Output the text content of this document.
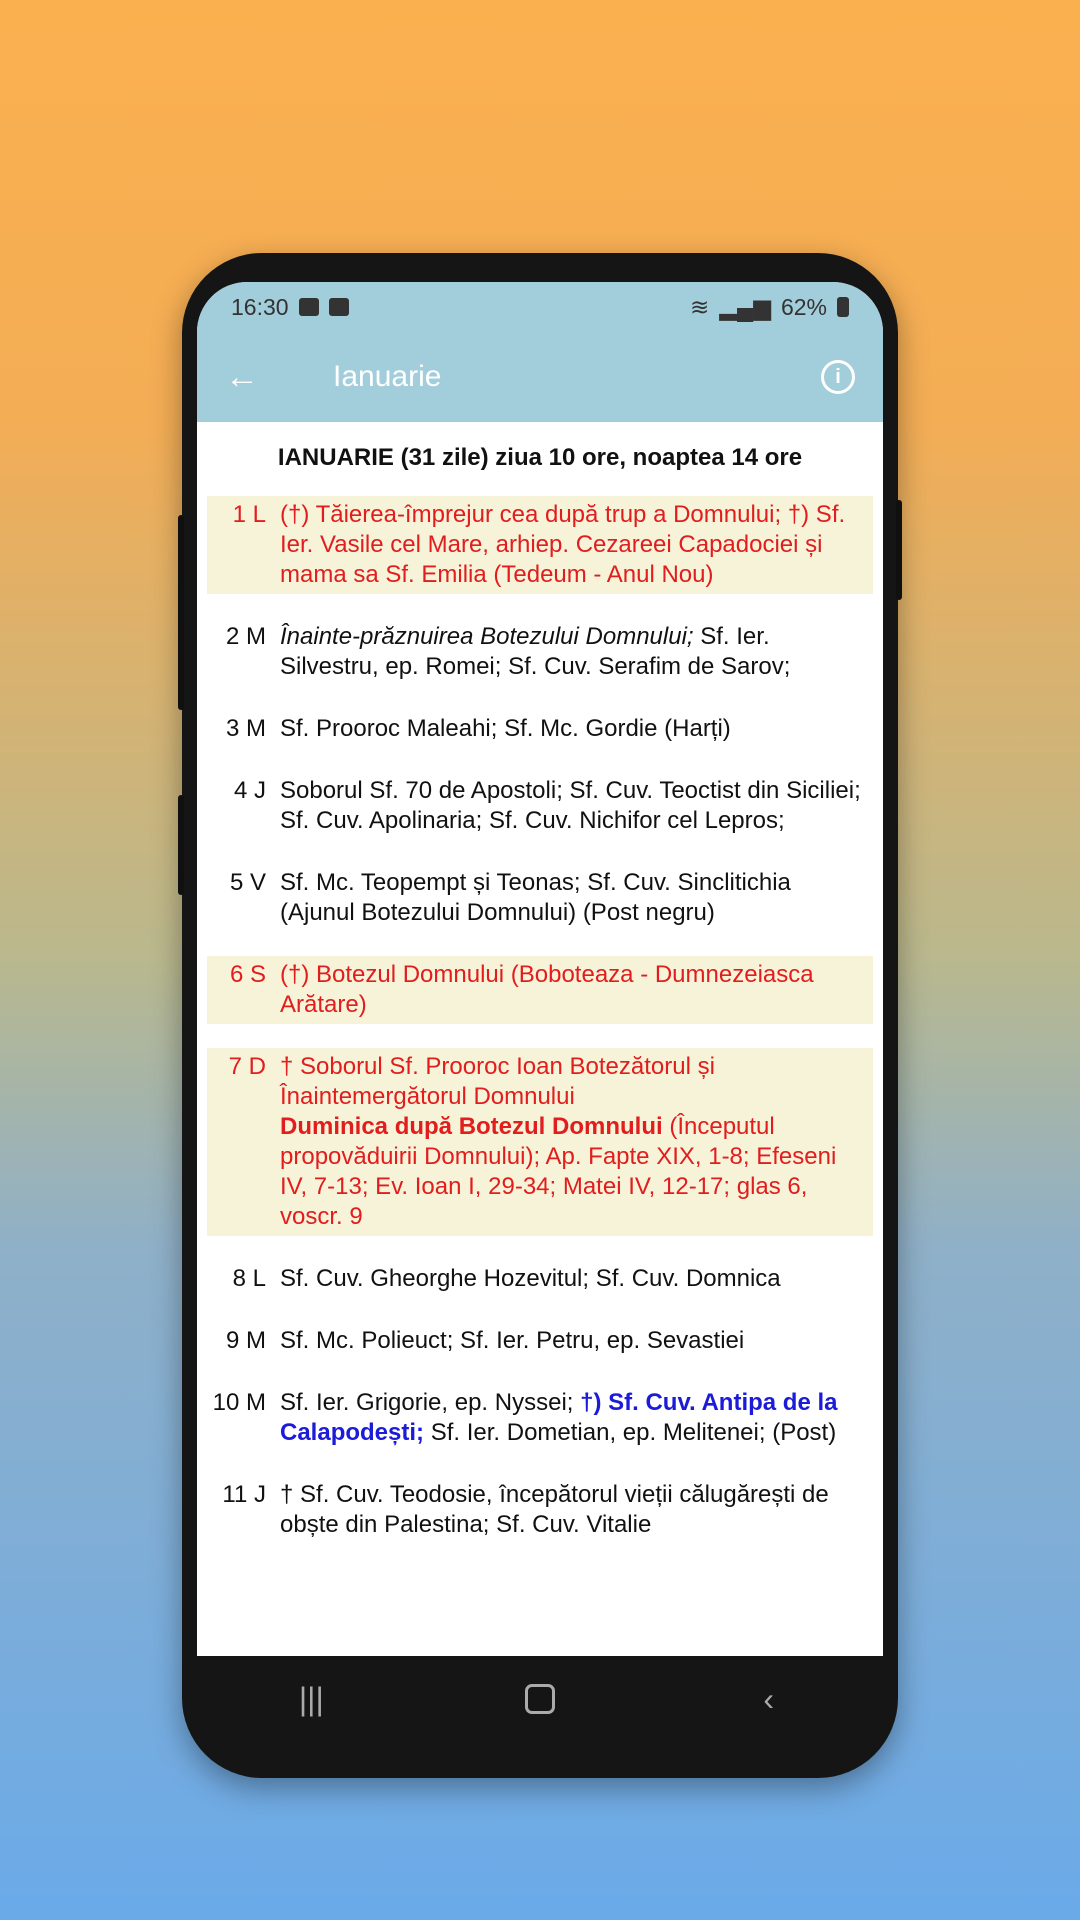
16:30	≋ ▂▄▆ 62%
←	Ianuarie	i
IANUARIE (31 zile) ziua 10 ore, noaptea 14 ore
1 L (†) Tăierea-împrejur cea după trup a Domnului; †) Sf. Ier. Vasile cel Mare, arhiep. Cezareei Capadociei și mama sa Sf. Emilia (Tedeum - Anul Nou)
2 M Înainte-prăznuirea Botezului Domnului; Sf. Ier. Silvestru, ep. Romei; Sf. Cuv. Serafim de Sarov;
3 M Sf. Prooroc Maleahi; Sf. Mc. Gordie (Harți)
4 J Soborul Sf. 70 de Apostoli; Sf. Cuv. Teoctist din Siciliei; Sf. Cuv. Apolinaria; Sf. Cuv. Nichifor cel Lepros;
5 V Sf. Mc. Teopempt și Teonas; Sf. Cuv. Sinclitichia (Ajunul Botezului Domnului) (Post negru)
6 S (†) Botezul Domnului (Boboteaza - Dumnezeiasca Arătare)
7 D † Soborul Sf. Prooroc Ioan Botezătorul și Înaintemergătorul Domnului
Duminica după Botezul Domnului (Începutul propovăduirii Domnului); Ap. Fapte XIX, 1-8; Efeseni IV, 7-13; Ev. Ioan I, 29-34; Matei IV, 12-17; glas 6, voscr. 9
8 L Sf. Cuv. Gheorghe Hozevitul; Sf. Cuv. Domnica
9 M Sf. Mc. Polieuct; Sf. Ier. Petru, ep. Sevastiei
10 M Sf. Ier. Grigorie, ep. Nyssei; †) Sf. Cuv. Antipa de la Calapodești; Sf. Ier. Dometian, ep. Melitenei; (Post)
11 J † Sf. Cuv. Teodosie, începătorul vieții călugărești de obște din Palestina; Sf. Cuv. Vitalie
|||	‹
